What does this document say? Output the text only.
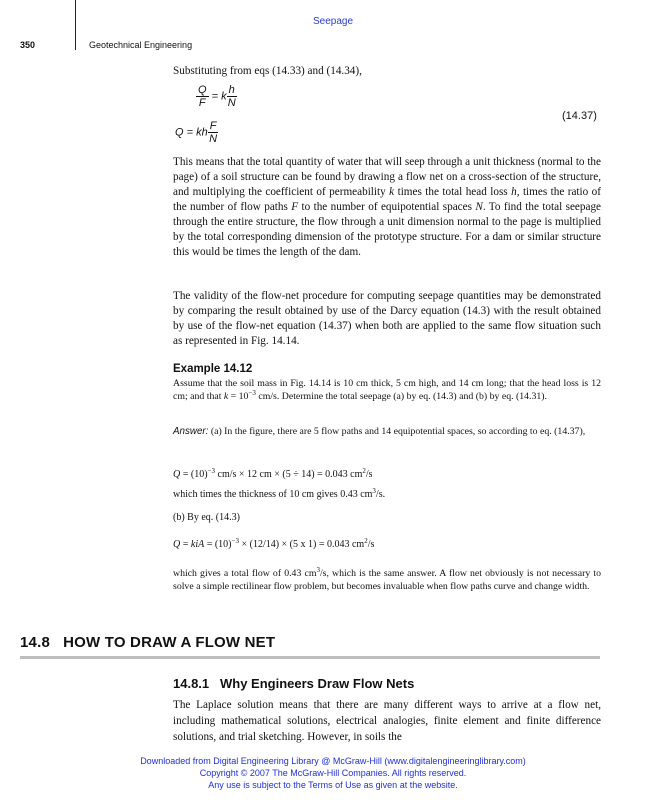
Seepage
350	Geotechnical Engineering

Substituting from eqs (14.33) and (14.34),

$\frac{Q}{F} = k \frac{h}{N}$
Q = kh $\frac{F}{N}$
(14.37)

This means that the total quantity of water that will seep through a unit thickness (normal to the page) of a soil structure can be found by drawing a flow net on a cross-section of the structure, and multiplying the coefficient of permeability k times the total head loss h, times the ratio of the number of flow paths F to the number of equipotential spaces N. To find the total seepage through the entire structure, the flow through a unit dimension normal to the page is multiplied by the total corresponding dimension of the prototype structure. For a dam or similar structure this would be times the length of the dam.

The validity of the flow-net procedure for computing seepage quantities may be demonstrated by comparing the result obtained by use of the Darcy equation (14.3) with the result obtained by use of the flow-net equation (14.37) when both are applied to the same flow situation such as represented in Fig. 14.14.

Example 14.12

Assume that the soil mass in Fig. 14.14 is 10 cm thick, 5 cm high, and 14 cm long; that the head loss is 12 cm; and that $k = 10^{-3}$ cm/s. Determine the total seepage (a) by eq. (14.3) and (b) by eq. (14.31).

Answer: (a) In the figure, there are 5 flow paths and 14 equipotential spaces, so according to eq. (14.37),

$Q = (10)^{-3}$ cm/s × 12 cm × (5 ÷ 14) = 0.043 $cm^2/s$
which times the thickness of 10 cm gives 0.43 $cm^3/s$.
(b) By eq. (14.3)
Q = kiA = $(10)^{-3} \times (12/14) \times (5$ x 1) = 0.043 $cm^2/s$

which gives a total flow of 0.43 $cm^3/s$, which is the same answer. A flow net obviously is not necessary to solve a simple rectilinear flow problem, but becomes invaluable when flow paths curve and change width.

14.8   HOW TO DRAW A FLOW NET
14.8.1   Why Engineers Draw Flow Nets

The Laplace solution means that there are many different ways to arrive at a flow net, including mathematical solutions, electrical analogies, finite element and finite difference solutions, and trial sketching. However, in soils the

Downloaded from Digital Engineering Library @ McGraw-Hill (www.digitalengineeringlibrary.com)
Copyright © 2007 The McGraw-Hill Companies. All rights reserved.
Any use is subject to the Terms of Use as given at the website.
